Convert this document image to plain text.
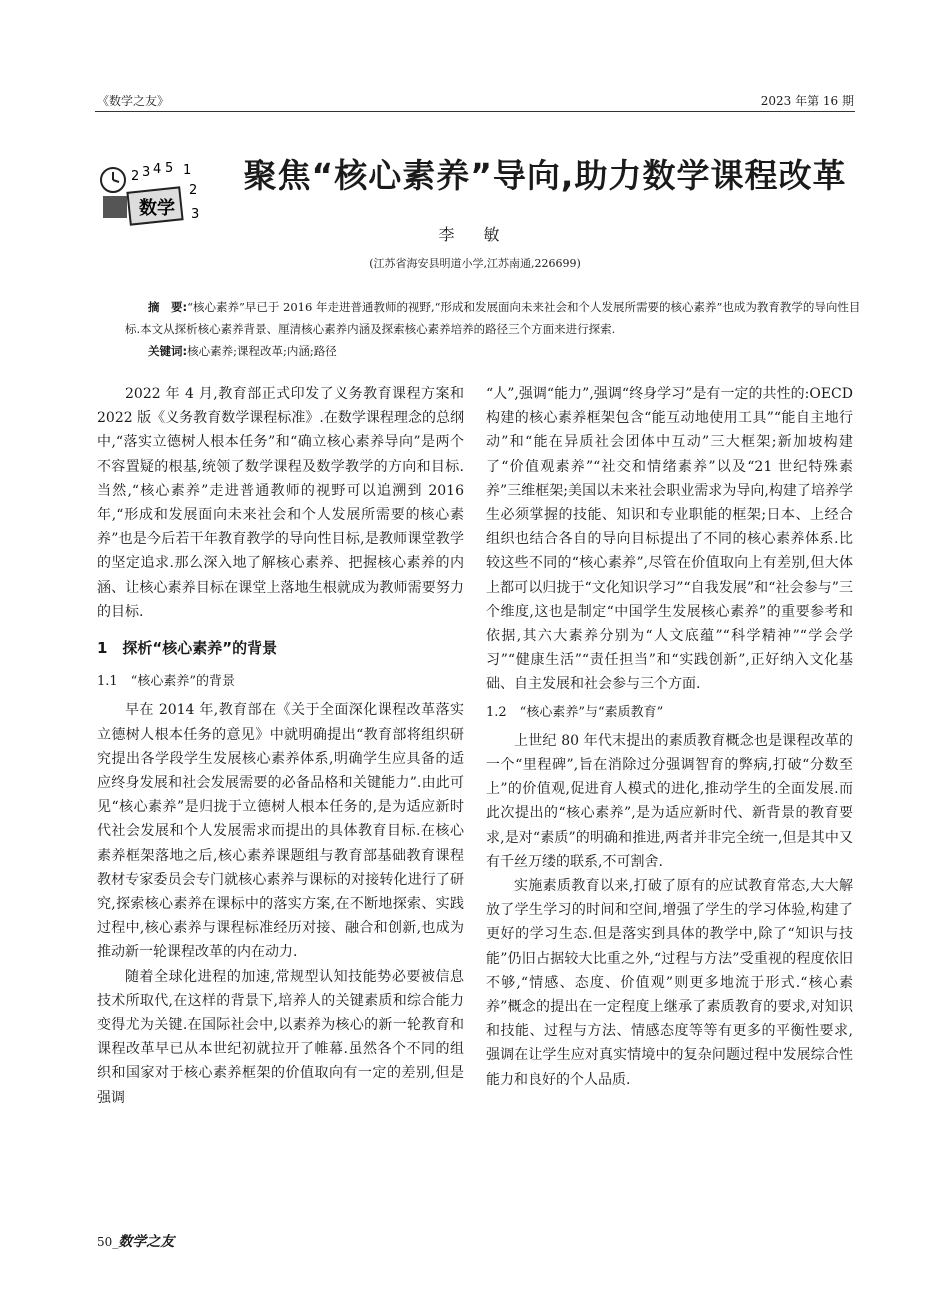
《数学之友》	2023 年第 16 期
2 3 4 5 1
2
3
数学
聚焦“核心素养”导向,助力数学课程改革
李 敏
(江苏省海安县明道小学,江苏南通,226699)
摘　要:“核心素养”早已于 2016 年走进普通教师的视野,“形成和发展面向未来社会和个人发展所需要的核心素养”也成为教育教学的导向性目标.本文从探析核心素养背景、厘清核心素养内涵及探索核心素养培养的路径三个方面来进行探索.
关键词:核心素养;课程改革;内涵;路径

2022 年 4 月,教育部正式印发了义务教育课程方案和 2022 版《义务教育数学课程标准》.在数学课程理念的总纲中,“落实立德树人根本任务”和“确立核心素养导向”是两个不容置疑的根基,统领了数学课程及数学教学的方向和目标.当然,“核心素养”走进普通教师的视野可以追溯到 2016 年,“形成和发展面向未来社会和个人发展所需要的核心素养”也是今后若干年教育教学的导向性目标,是教师课堂教学的坚定追求.那么深入地了解核心素养、把握核心素养的内涵、让核心素养目标在课堂上落地生根就成为教师需要努力的目标.

1　探析“核心素养”的背景
1.1　“核心素养”的背景

早在 2014 年,教育部在《关于全面深化课程改革落实立德树人根本任务的意见》中就明确提出“教育部将组织研究提出各学段学生发展核心素养体系,明确学生应具备的适应终身发展和社会发展需要的必备品格和关键能力”.由此可见“核心素养”是归拢于立德树人根本任务的,是为适应新时代社会发展和个人发展需求而提出的具体教育目标.在核心素养框架落地之后,核心素养课题组与教育部基础教育课程教材专家委员会专门就核心素养与课标的对接转化进行了研究,探索核心素养在课标中的落实方案,在不断地探索、实践过程中,核心素养与课程标准经历对接、融合和创新,也成为推动新一轮课程改革的内在动力.

随着全球化进程的加速,常规型认知技能势必要被信息技术所取代,在这样的背景下,培养人的关键素质和综合能力变得尤为关键.在国际社会中,以素养为核心的新一轮教育和课程改革早已从本世纪初就拉开了帷幕.虽然各个不同的组织和国家对于核心素养框架的价值取向有一定的差别,但是强调

“人”,强调“能力”,强调“终身学习”是有一定的共性的:OECD 构建的核心素养框架包含“能互动地使用工具”“能自主地行动”和“能在异质社会团体中互动”三大框架;新加坡构建了“价值观素养”“社交和情绪素养”以及“21 世纪特殊素养”三维框架;美国以未来社会职业需求为导向,构建了培养学生必须掌握的技能、知识和专业职能的框架;日本、上经合组织也结合各自的导向目标提出了不同的核心素养体系.比较这些不同的“核心素养”,尽管在价值取向上有差别,但大体上都可以归拢于“文化知识学习”“自我发展”和“社会参与”三个维度,这也是制定“中国学生发展核心素养”的重要参考和依据,其六大素养分别为“人文底蕴”“科学精神”“学会学习”“健康生活”“责任担当”和“实践创新”,正好纳入文化基础、自主发展和社会参与三个方面.

1.2　“核心素养”与“素质教育”

上世纪 80 年代末提出的素质教育概念也是课程改革的一个“里程碑”,旨在消除过分强调智育的弊病,打破“分数至上”的价值观,促进育人模式的进化,推动学生的全面发展.而此次提出的“核心素养”,是为适应新时代、新背景的教育要求,是对“素质”的明确和推进,两者并非完全统一,但是其中又有千丝万缕的联系,不可割舍.

实施素质教育以来,打破了原有的应试教育常态,大大解放了学生学习的时间和空间,增强了学生的学习体验,构建了更好的学习生态.但是落实到具体的教学中,除了“知识与技能”仍旧占据较大比重之外,“过程与方法”受重视的程度依旧不够,“情感、态度、价值观”则更多地流于形式.“核心素养”概念的提出在一定程度上继承了素质教育的要求,对知识和技能、过程与方法、情感态度等等有更多的平衡性要求,强调在让学生应对真实情境中的复杂问题过程中发展综合性能力和良好的个人品质.

50_数学之友
